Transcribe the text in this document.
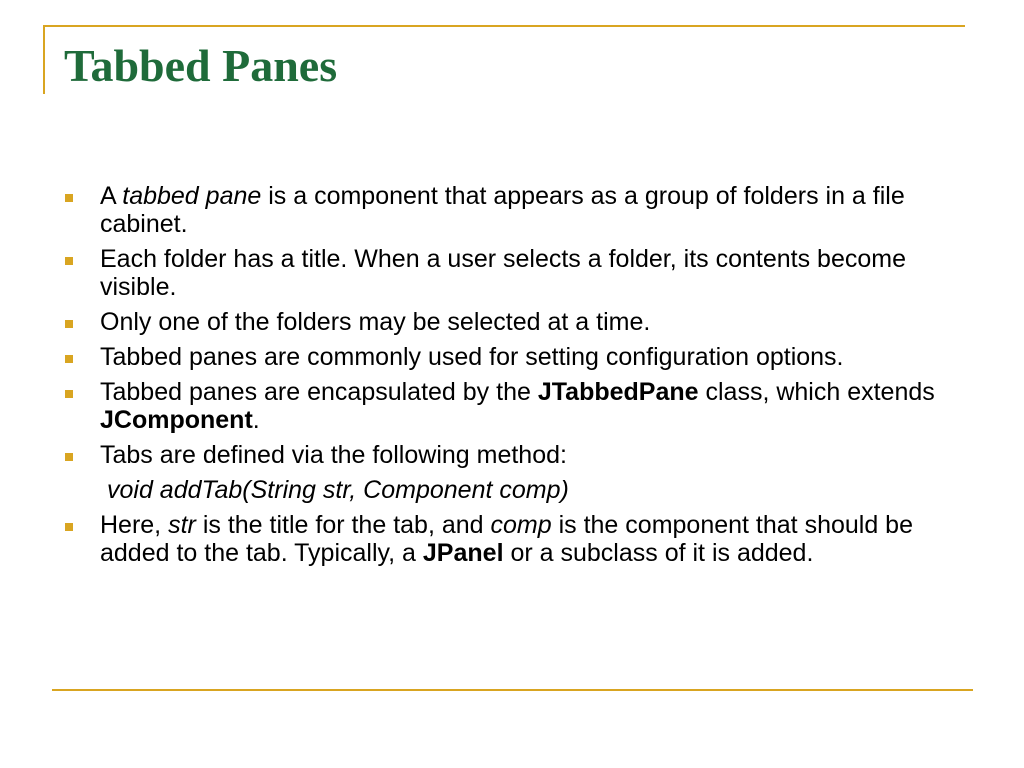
Tabbed Panes
A tabbed pane is a component that appears as a group of folders in a file cabinet.
Each folder has a title. When a user selects a folder, its contents become visible.
Only one of the folders may be selected at a time.
Tabbed panes are commonly used for setting configuration options.
Tabbed panes are encapsulated by the JTabbedPane class, which extends JComponent.
Tabs are defined via the following method:
void addTab(String str, Component comp)
Here, str is the title for the tab, and comp is the component that should be added to the tab. Typically, a JPanel or a subclass of it is added.
